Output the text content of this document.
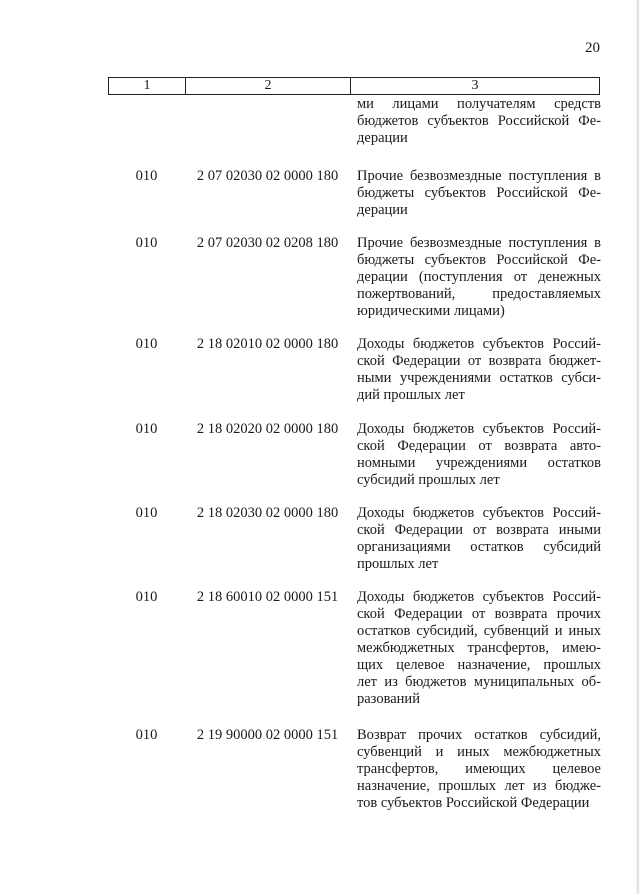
20
1	2	3
ми лицами получателям средств
бюджетов субъектов Российской Фе-
дерации
010	2 07 02030 02 0000 180	Прочие безвозмездные поступления в
бюджеты субъектов Российской Фе-
дерации
010	2 07 02030 02 0208 180	Прочие безвозмездные поступления в
бюджеты субъектов Российской Фе-
дерации (поступления от денежных
пожертвований, предоставляемых
юридическими лицами)
010	2 18 02010 02 0000 180	Доходы бюджетов субъектов Россий-
ской Федерации от возврата бюджет-
ными учреждениями остатков субси-
дий прошлых лет
010	2 18 02020 02 0000 180	Доходы бюджетов субъектов Россий-
ской Федерации от возврата авто-
номными учреждениями остатков
субсидий прошлых лет
010	2 18 02030 02 0000 180	Доходы бюджетов субъектов Россий-
ской Федерации от возврата иными
организациями остатков субсидий
прошлых лет
010	2 18 60010 02 0000 151	Доходы бюджетов субъектов Россий-
ской Федерации от возврата прочих
остатков субсидий, субвенций и иных
межбюджетных трансфертов, имею-
щих целевое назначение, прошлых
лет из бюджетов муниципальных об-
разований
010	2 19 90000 02 0000 151	Возврат прочих остатков субсидий,
субвенций и иных межбюджетных
трансфертов, имеющих целевое
назначение, прошлых лет из бюдже-
тов субъектов Российской Федерации
